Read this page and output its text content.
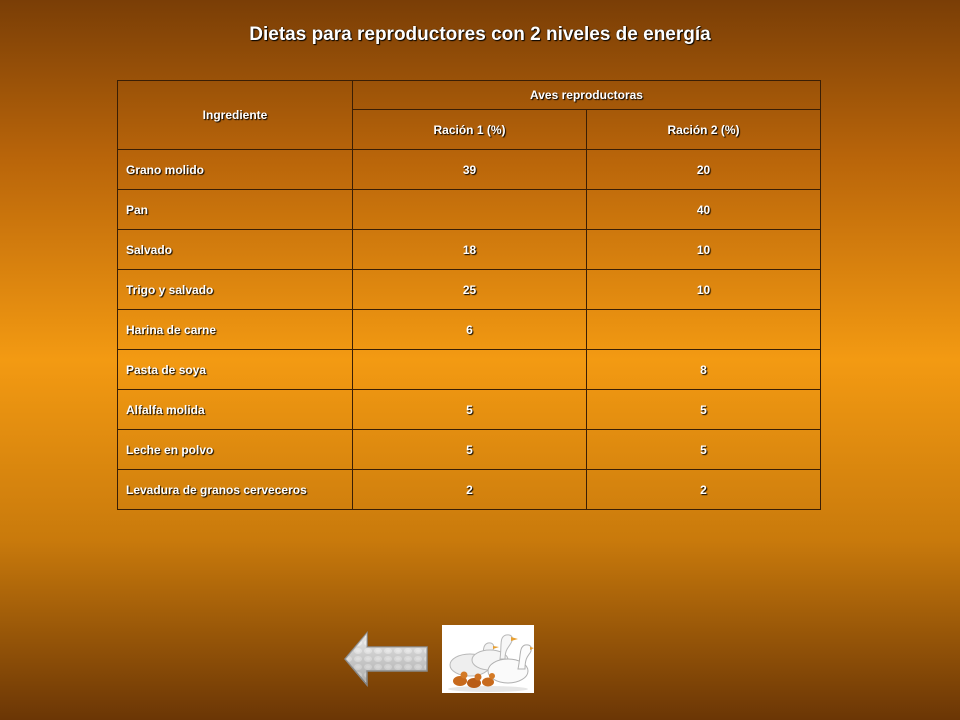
Dietas para reproductores con 2 niveles de energía
Ingrediente	Aves reproductoras	
	Ración 1 (%)	Ración 2 (%)
Grano molido	39	20
Pan		40
Salvado	18	10
Trigo y salvado	25	10
Harina de carne	6	
Pasta de soya		8
Alfalfa molida	5	5
Leche en polvo	5	5
Levadura de granos cerveceros	2	2
